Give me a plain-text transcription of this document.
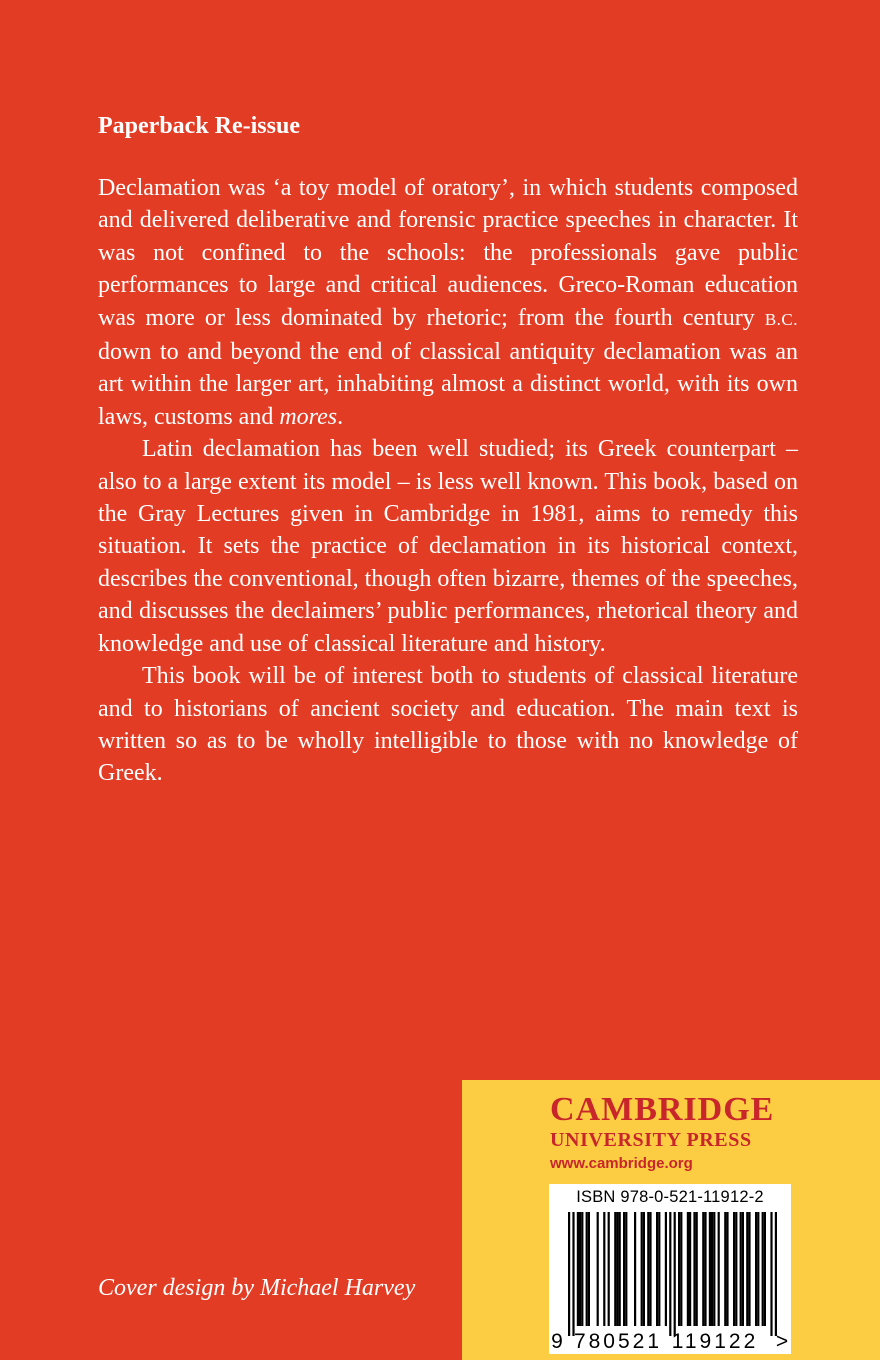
Paperback Re-issue

Declamation was ‘a toy model of oratory’, in which students composed and delivered deliberative and forensic practice speeches in character. It was not confined to the schools: the professionals gave public performances to large and critical audiences. Greco-Roman education was more or less dominated by rhetoric; from the fourth century B.C. down to and beyond the end of classical antiquity declamation was an art within the larger art, inhabiting almost a distinct world, with its own laws, customs and mores.

Latin declamation has been well studied; its Greek counterpart – also to a large extent its model – is less well known. This book, based on the Gray Lectures given in Cambridge in 1981, aims to remedy this situation. It sets the practice of declamation in its historical context, describes the conventional, though often bizarre, themes of the speeches, and discusses the declaimers’ public performances, rhetorical theory and knowledge and use of classical literature and history.

This book will be of interest both to students of classical literature and to historians of ancient society and education. The main text is written so as to be wholly intelligible to those with no knowledge of Greek.

Cover design by Michael Harvey

CAMBRIDGE
UNIVERSITY PRESS
www.cambridge.org
ISBN 978-0-521-11912-2
9 780521 119122 >
